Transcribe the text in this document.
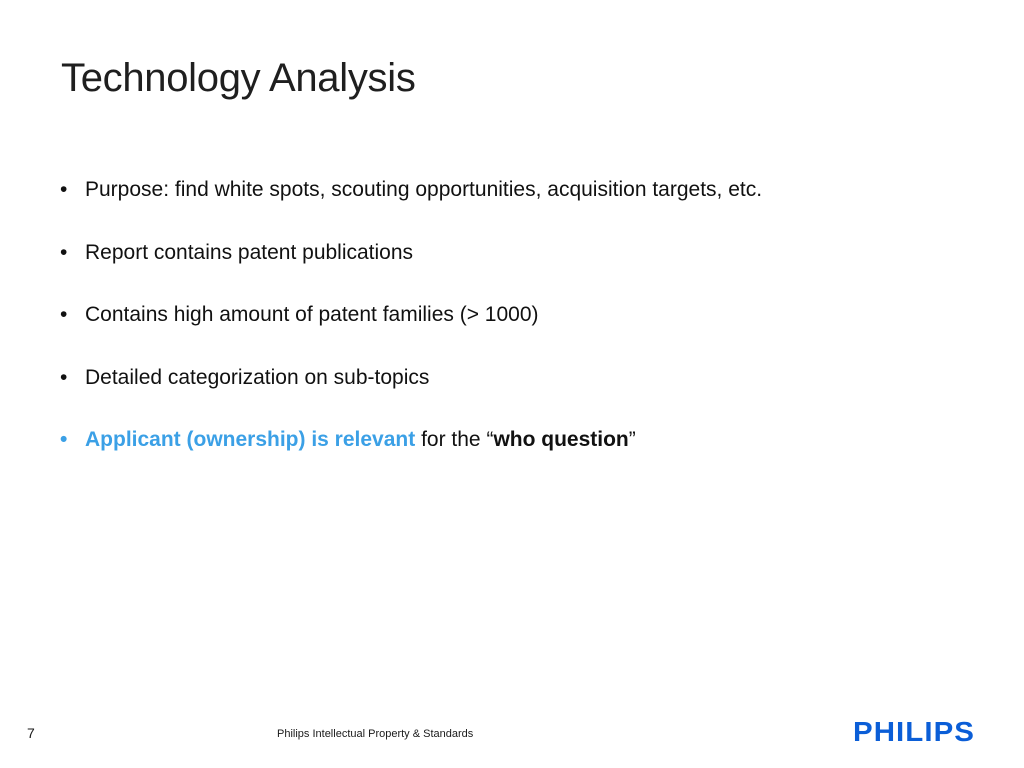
Technology Analysis
• Purpose: find white spots, scouting opportunities, acquisition targets, etc.
• Report contains patent publications
• Contains high amount of patent families (> 1000)
• Detailed categorization on sub-topics
• Applicant (ownership) is relevant for the “who question”
7	Philips Intellectual Property & Standards	PHILIPS
